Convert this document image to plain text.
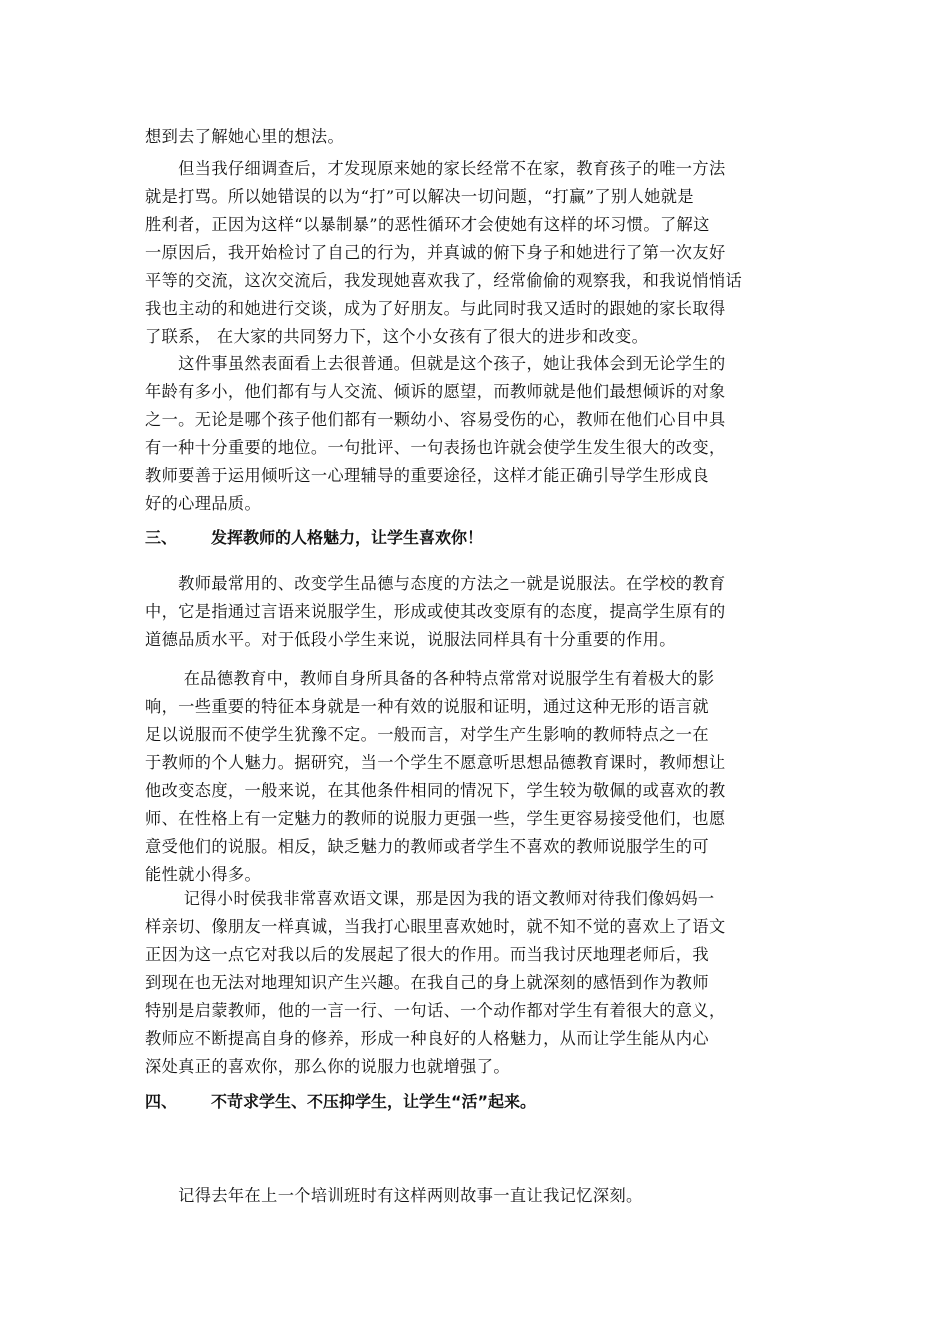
想到去了解她心里的想法。
　　但当我仔细调查后，才发现原来她的家长经常不在家，教育孩子的唯一方法
就是打骂。所以她错误的以为“打”可以解决一切问题，“打赢”了别人她就是
胜利者，正因为这样“以暴制暴”的恶性循环才会使她有这样的坏习惯。了解这
一原因后，我开始检讨了自己的行为，并真诚的俯下身子和她进行了第一次友好
平等的交流，这次交流后，我发现她喜欢我了，经常偷偷的观察我，和我说悄悄话
我也主动的和她进行交谈，成为了好朋友。与此同时我又适时的跟她的家长取得
了联系， 在大家的共同努力下，这个小女孩有了很大的进步和改变。
　　这件事虽然表面看上去很普通。但就是这个孩子，她让我体会到无论学生的
年龄有多小，他们都有与人交流、倾诉的愿望，而教师就是他们最想倾诉的对象
之一。无论是哪个孩子他们都有一颗幼小、容易受伤的心，教师在他们心目中具
有一种十分重要的地位。一句批评、一句表扬也许就会使学生发生很大的改变，
教师要善于运用倾听这一心理辅导的重要途径，这样才能正确引导学生形成良
好的心理品质。
三、 发挥教师的人格魅力，让学生喜欢你！
　　教师最常用的、改变学生品德与态度的方法之一就是说服法。在学校的教育
中，它是指通过言语来说服学生，形成或使其改变原有的态度，提高学生原有的
道德品质水平。对于低段小学生来说，说服法同样具有十分重要的作用。
　　 在品德教育中，教师自身所具备的各种特点常常对说服学生有着极大的影
响，一些重要的特征本身就是一种有效的说服和证明，通过这种无形的语言就
足以说服而不使学生犹豫不定。一般而言，对学生产生影响的教师特点之一在
于教师的个人魅力。据研究，当一个学生不愿意听思想品德教育课时，教师想让
他改变态度，一般来说，在其他条件相同的情况下，学生较为敬佩的或喜欢的教
师、在性格上有一定魅力的教师的说服力更强一些，学生更容易接受他们，也愿
意受他们的说服。相反，缺乏魅力的教师或者学生不喜欢的教师说服学生的可
能性就小得多。
　　 记得小时侯我非常喜欢语文课，那是因为我的语文教师对待我们像妈妈一
样亲切、像朋友一样真诚，当我打心眼里喜欢她时，就不知不觉的喜欢上了语文
正因为这一点它对我以后的发展起了很大的作用。而当我讨厌地理老师后，我
到现在也无法对地理知识产生兴趣。在我自己的身上就深刻的感悟到作为教师
特别是启蒙教师，他的一言一行、一句话、一个动作都对学生有着很大的意义，
教师应不断提高自身的修养，形成一种良好的人格魅力，从而让学生能从内心
深处真正的喜欢你，那么你的说服力也就增强了。
四、 不苛求学生、不压抑学生，让学生“活”起来。
　　记得去年在上一个培训班时有这样两则故事一直让我记忆深刻。
